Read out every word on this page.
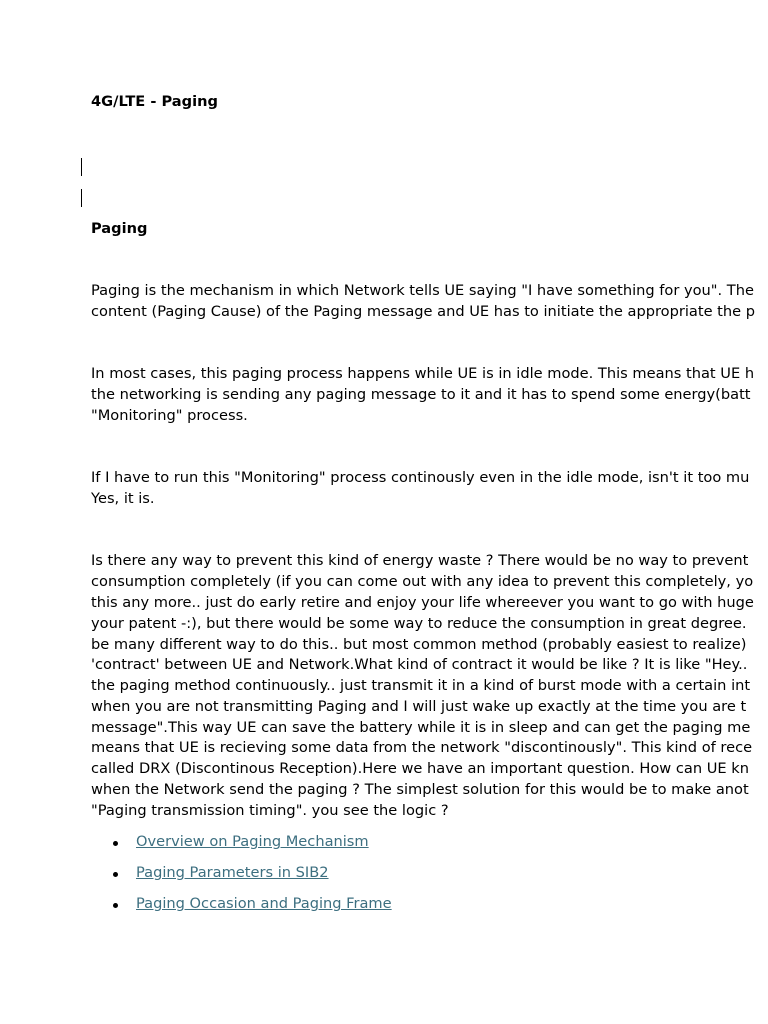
4G/LTE - Paging
Paging
Paging is the mechanism in which Network tells UE saying "I have something for you". The
content (Paging Cause) of the Paging message and UE has to initiate the appropriate the p
In most cases, this paging process happens while UE is in idle mode. This means that UE h
the networking is sending any paging message to it and it has to spend some energy(batt
"Monitoring" process.
If I have to run this "Monitoring" process continously even in the idle mode, isn't it too mu
Yes, it is.
Is there any way to prevent this kind of energy waste ? There would be no way to prevent
consumption completely (if you can come out with any idea to prevent this completely, yo
this any more.. just do early retire and enjoy your life whereever you want to go with huge
your patent -:), but there would be some way to reduce the consumption in great degree.
be many different way to do this.. but most common method (probably easiest to realize)
'contract' between UE and Network.What kind of contract it would be like ? It is like "Hey..
the paging method continuously.. just transmit it in a kind of burst mode with a certain int
when you are not transmitting Paging and I will just wake up exactly at the time you are t
message".This way UE can save the battery while it is in sleep and can get the paging me
means that UE is recieving some data from the network "discontinously". This kind of rece
called DRX (Discontinous Reception).Here we have an important question. How can UE kn
when the Network send the paging ? The simplest solution for this would be to make anot
"Paging transmission timing". you see the logic ?
Overview on Paging Mechanism
Paging Parameters in SIB2
Paging Occasion and Paging Frame
